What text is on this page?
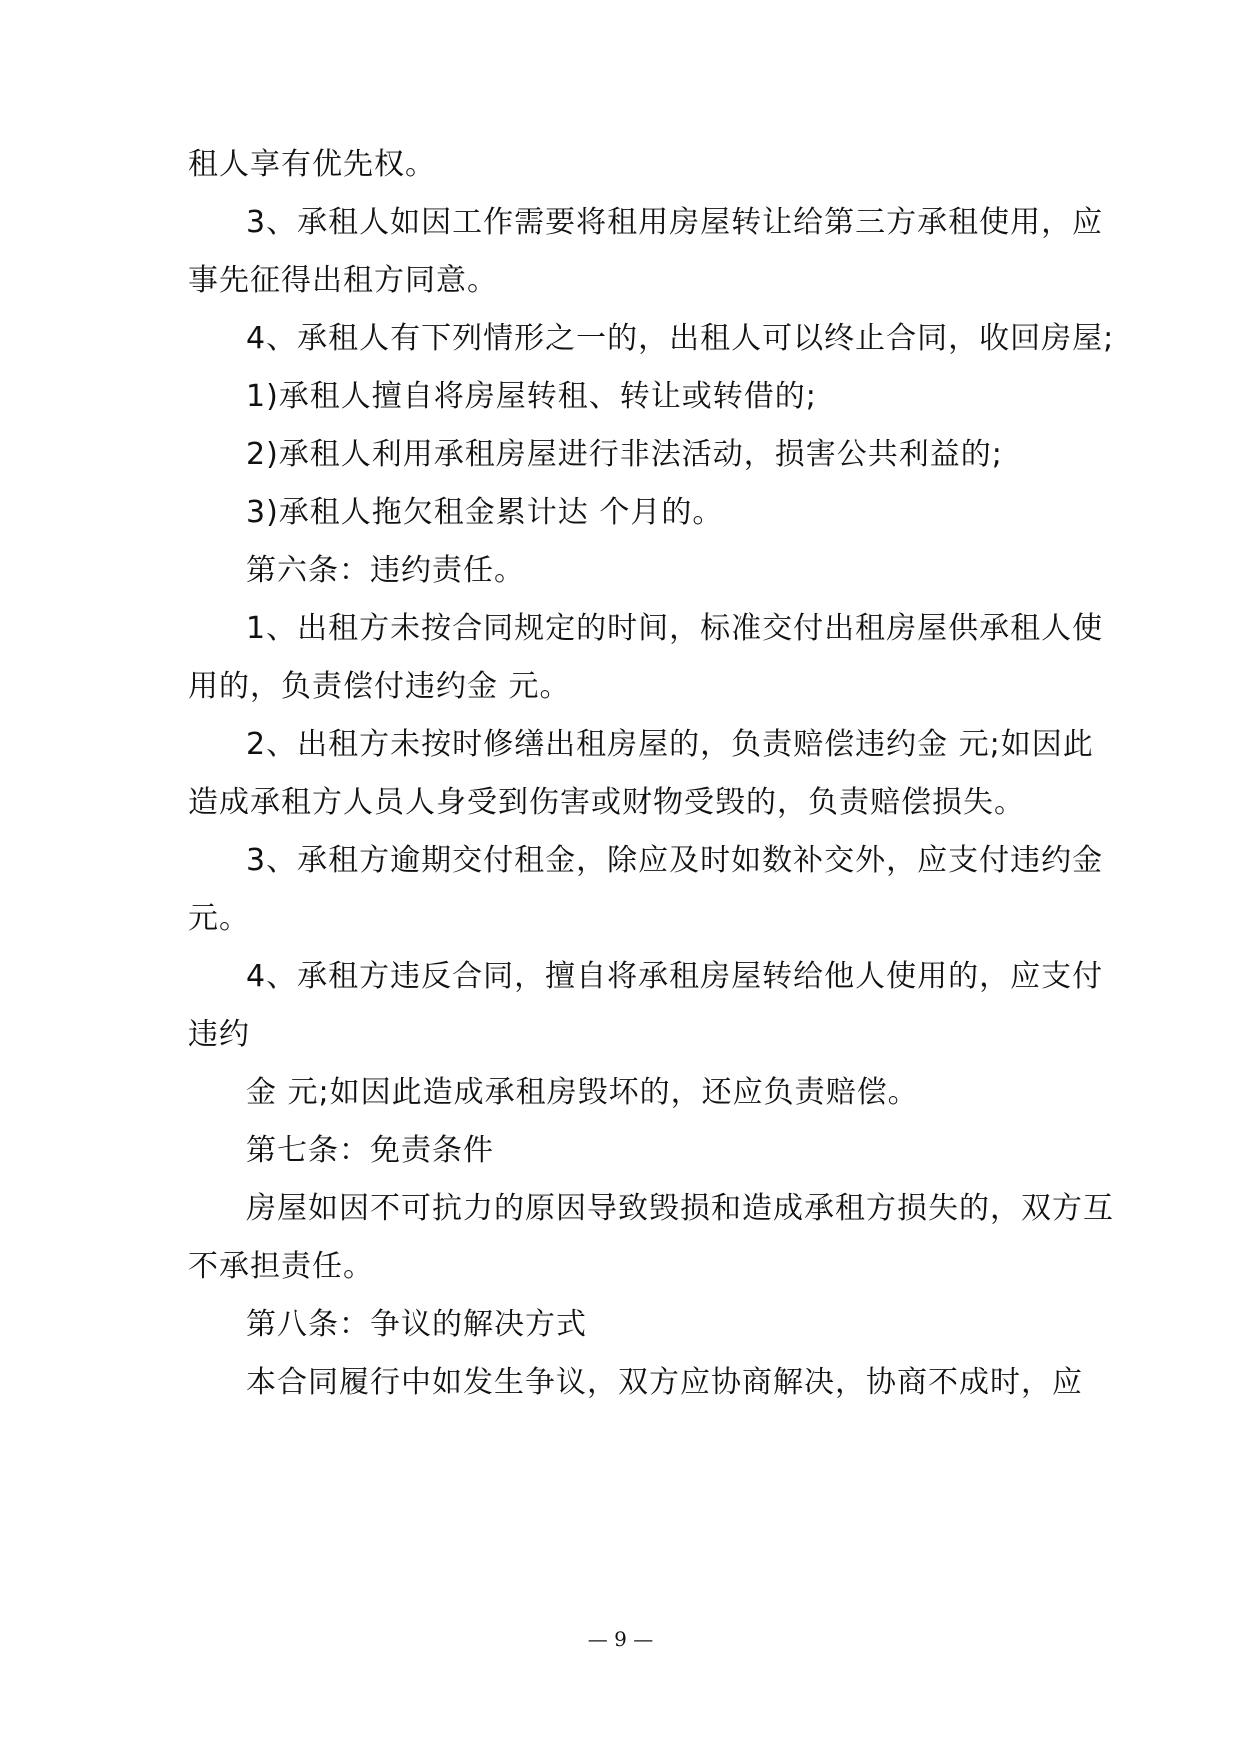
租人享有优先权。
3、承租人如因工作需要将租用房屋转让给第三方承租使用，应
事先征得出租方同意。
4、承租人有下列情形之一的，出租人可以终止合同，收回房屋;
1)承租人擅自将房屋转租、转让或转借的;
2)承租人利用承租房屋进行非法活动，损害公共利益的;
3)承租人拖欠租金累计达 个月的。
第六条：违约责任。
1、出租方未按合同规定的时间，标准交付出租房屋供承租人使
用的，负责偿付违约金 元。
2、出租方未按时修缮出租房屋的，负责赔偿违约金 元;如因此
造成承租方人员人身受到伤害或财物受毁的，负责赔偿损失。
3、承租方逾期交付租金，除应及时如数补交外，应支付违约金
元。
4、承租方违反合同，擅自将承租房屋转给他人使用的，应支付
违约
金 元;如因此造成承租房毁坏的，还应负责赔偿。
第七条：免责条件
房屋如因不可抗力的原因导致毁损和造成承租方损失的，双方互
不承担责任。
第八条：争议的解决方式
本合同履行中如发生争议，双方应协商解决，协商不成时，应
— 9 —
